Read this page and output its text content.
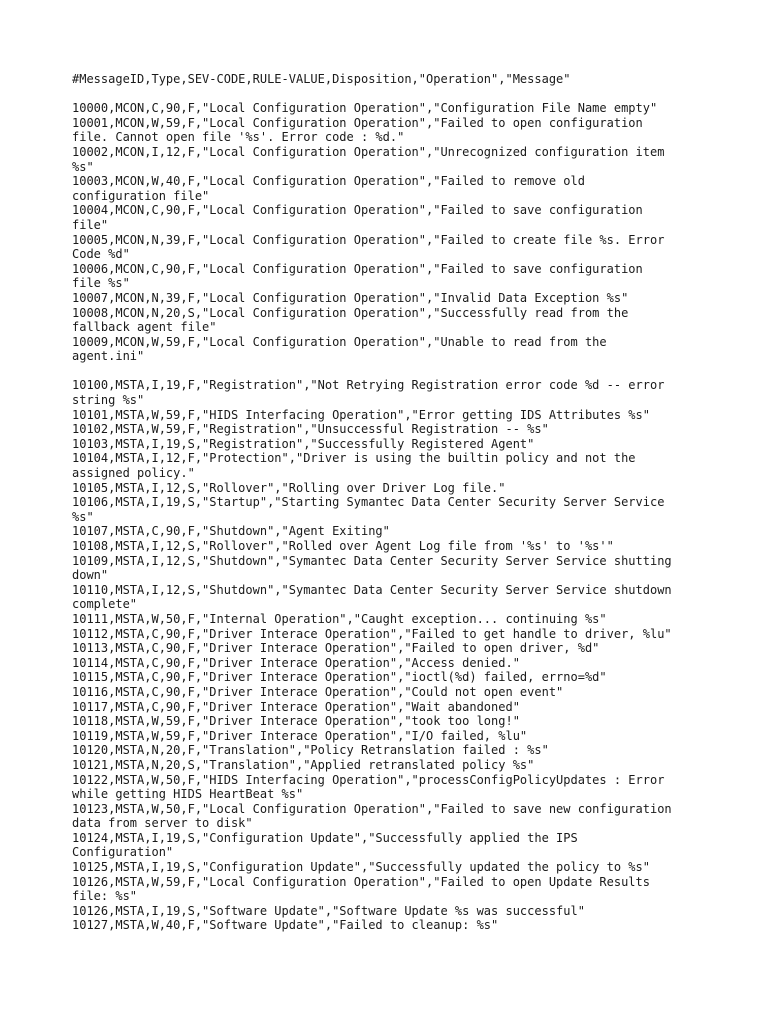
#MessageID,Type,SEV-CODE,RULE-VALUE,Disposition,"Operation","Message"
10000,MCON,C,90,F,"Local Configuration Operation","Configuration File Name empty"
10001,MCON,W,59,F,"Local Configuration Operation","Failed to open configuration
file. Cannot open file '%s'. Error code : %d."
10002,MCON,I,12,F,"Local Configuration Operation","Unrecognized configuration item
%s"
10003,MCON,W,40,F,"Local Configuration Operation","Failed to remove old
configuration file"
10004,MCON,C,90,F,"Local Configuration Operation","Failed to save configuration
file"
10005,MCON,N,39,F,"Local Configuration Operation","Failed to create file %s. Error
Code %d"
10006,MCON,C,90,F,"Local Configuration Operation","Failed to save configuration
file %s"
10007,MCON,N,39,F,"Local Configuration Operation","Invalid Data Exception %s"
10008,MCON,N,20,S,"Local Configuration Operation","Successfully read from the
fallback agent file"
10009,MCON,W,59,F,"Local Configuration Operation","Unable to read from the
agent.ini"
10100,MSTA,I,19,F,"Registration","Not Retrying Registration error code %d -- error
string %s"
10101,MSTA,W,59,F,"HIDS Interfacing Operation","Error getting IDS Attributes %s"
10102,MSTA,W,59,F,"Registration","Unsuccessful Registration -- %s"
10103,MSTA,I,19,S,"Registration","Successfully Registered Agent"
10104,MSTA,I,12,F,"Protection","Driver is using the builtin policy and not the
assigned policy."
10105,MSTA,I,12,S,"Rollover","Rolling over Driver Log file."
10106,MSTA,I,19,S,"Startup","Starting Symantec Data Center Security Server Service
%s"
10107,MSTA,C,90,F,"Shutdown","Agent Exiting"
10108,MSTA,I,12,S,"Rollover","Rolled over Agent Log file from '%s' to '%s'"
10109,MSTA,I,12,S,"Shutdown","Symantec Data Center Security Server Service shutting
down"
10110,MSTA,I,12,S,"Shutdown","Symantec Data Center Security Server Service shutdown
complete"
10111,MSTA,W,50,F,"Internal Operation","Caught exception... continuing %s"
10112,MSTA,C,90,F,"Driver Interace Operation","Failed to get handle to driver, %lu"
10113,MSTA,C,90,F,"Driver Interace Operation","Failed to open driver, %d"
10114,MSTA,C,90,F,"Driver Interace Operation","Access denied."
10115,MSTA,C,90,F,"Driver Interace Operation","ioctl(%d) failed, errno=%d"
10116,MSTA,C,90,F,"Driver Interace Operation","Could not open event"
10117,MSTA,C,90,F,"Driver Interace Operation","Wait abandoned"
10118,MSTA,W,59,F,"Driver Interace Operation","took too long!"
10119,MSTA,W,59,F,"Driver Interace Operation","I/O failed, %lu"
10120,MSTA,N,20,F,"Translation","Policy Retranslation failed : %s"
10121,MSTA,N,20,S,"Translation","Applied retranslated policy %s"
10122,MSTA,W,50,F,"HIDS Interfacing Operation","processConfigPolicyUpdates : Error
while getting HIDS HeartBeat %s"
10123,MSTA,W,50,F,"Local Configuration Operation","Failed to save new configuration
data from server to disk"
10124,MSTA,I,19,S,"Configuration Update","Successfully applied the IPS
Configuration"
10125,MSTA,I,19,S,"Configuration Update","Successfully updated the policy to %s"
10126,MSTA,W,59,F,"Local Configuration Operation","Failed to open Update Results
file: %s"
10126,MSTA,I,19,S,"Software Update","Software Update %s was successful"
10127,MSTA,W,40,F,"Software Update","Failed to cleanup: %s"
